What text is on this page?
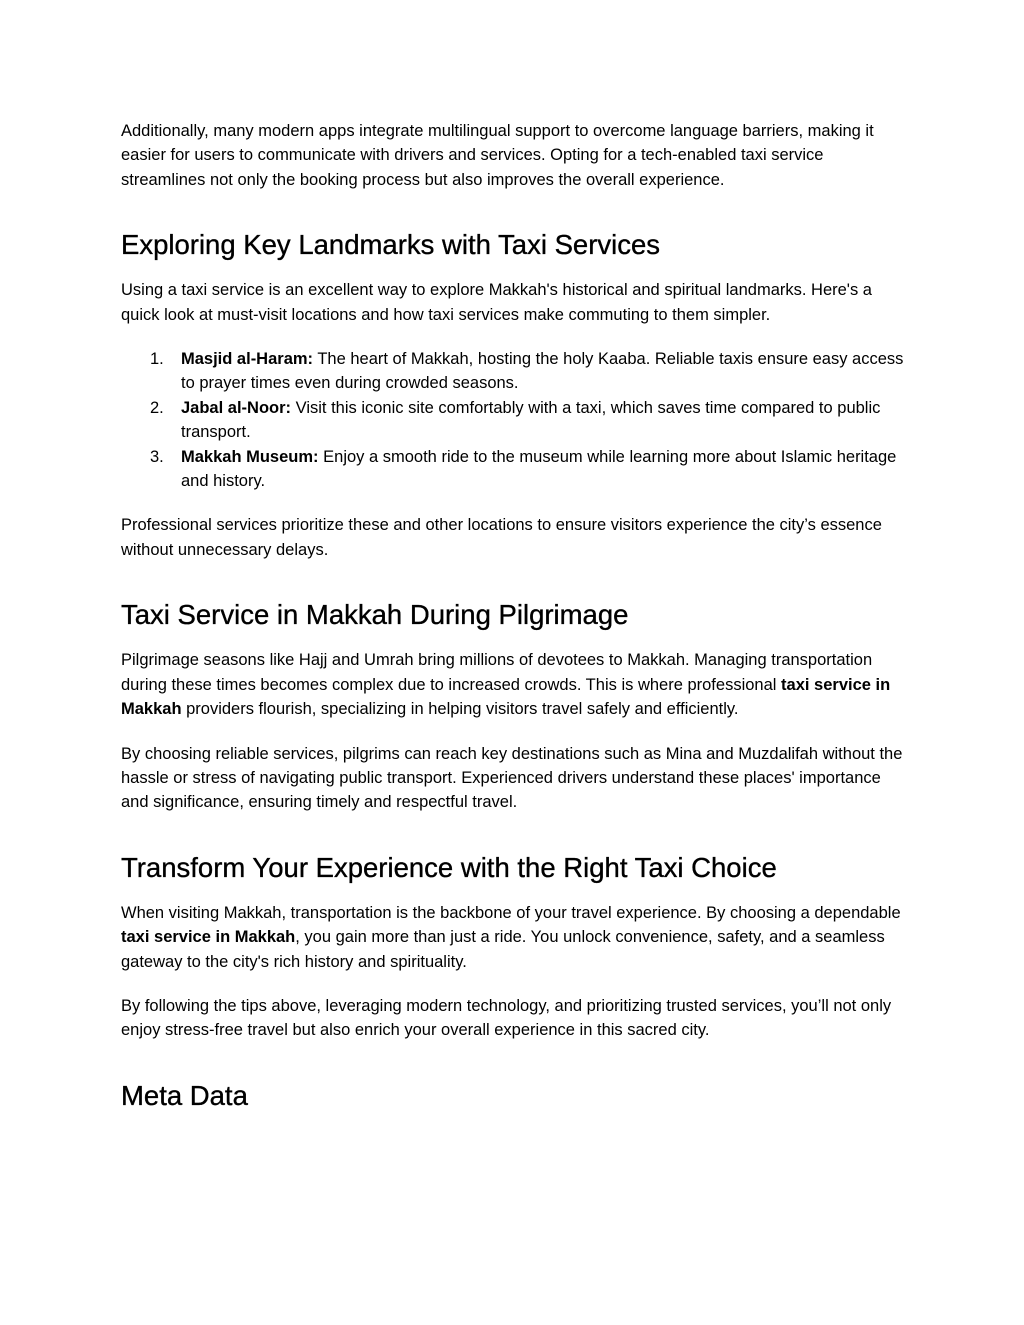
Additionally, many modern apps integrate multilingual support to overcome language barriers, making it easier for users to communicate with drivers and services. Opting for a tech-enabled taxi service streamlines not only the booking process but also improves the overall experience.

Exploring Key Landmarks with Taxi Services

Using a taxi service is an excellent way to explore Makkah's historical and spiritual landmarks. Here's a quick look at must-visit locations and how taxi services make commuting to them simpler.

1. Masjid al-Haram: The heart of Makkah, hosting the holy Kaaba. Reliable taxis ensure easy access to prayer times even during crowded seasons.
2. Jabal al-Noor: Visit this iconic site comfortably with a taxi, which saves time compared to public transport.
3. Makkah Museum: Enjoy a smooth ride to the museum while learning more about Islamic heritage and history.

Professional services prioritize these and other locations to ensure visitors experience the city’s essence without unnecessary delays.

Taxi Service in Makkah During Pilgrimage

Pilgrimage seasons like Hajj and Umrah bring millions of devotees to Makkah. Managing transportation during these times becomes complex due to increased crowds. This is where professional taxi service in Makkah providers flourish, specializing in helping visitors travel safely and efficiently.

By choosing reliable services, pilgrims can reach key destinations such as Mina and Muzdalifah without the hassle or stress of navigating public transport. Experienced drivers understand these places' importance and significance, ensuring timely and respectful travel.

Transform Your Experience with the Right Taxi Choice

When visiting Makkah, transportation is the backbone of your travel experience. By choosing a dependable taxi service in Makkah, you gain more than just a ride. You unlock convenience, safety, and a seamless gateway to the city's rich history and spirituality.

By following the tips above, leveraging modern technology, and prioritizing trusted services, you’ll not only enjoy stress-free travel but also enrich your overall experience in this sacred city.

Meta Data
